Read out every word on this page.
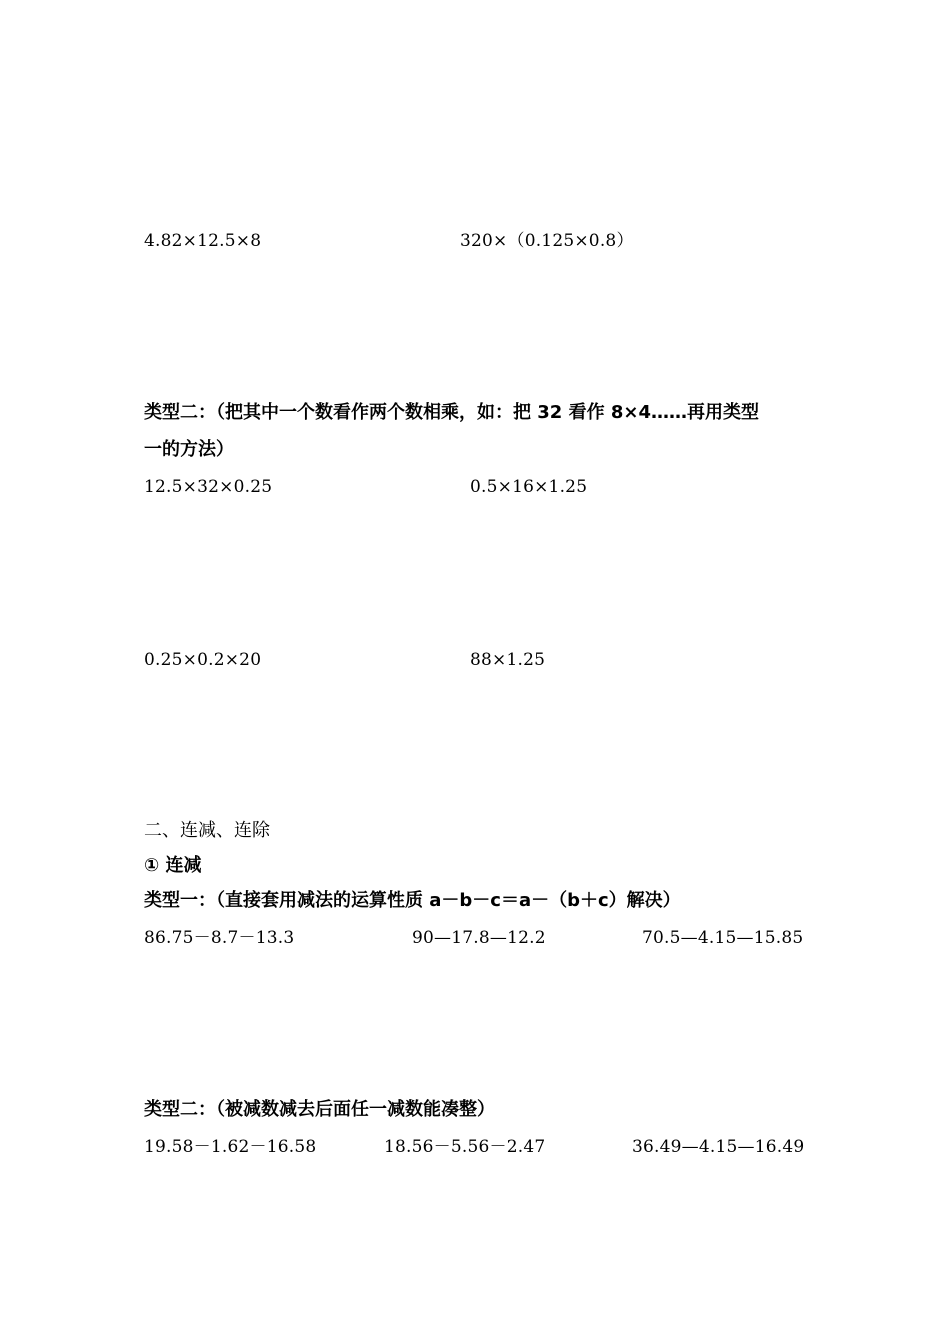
4.82×12.5×8	320×（0.125×0.8）
类型二：（把其中一个数看作两个数相乘，如：把 32 看作 8×4……再用类型
一的方法）
12.5×32×0.25	0.5×16×1.25
0.25×0.2×20	88×1.25
二、连减、连除
① 连减
类型一：（直接套用减法的运算性质 a－b－c＝a－（b＋c）解决）
86.75－8.7－13.3	90—17.8—12.2	70.5—4.15—15.85
类型二：（被减数减去后面任一减数能凑整）
19.58－1.62－16.58	18.56－5.56－2.47	36.49—4.15—16.49
